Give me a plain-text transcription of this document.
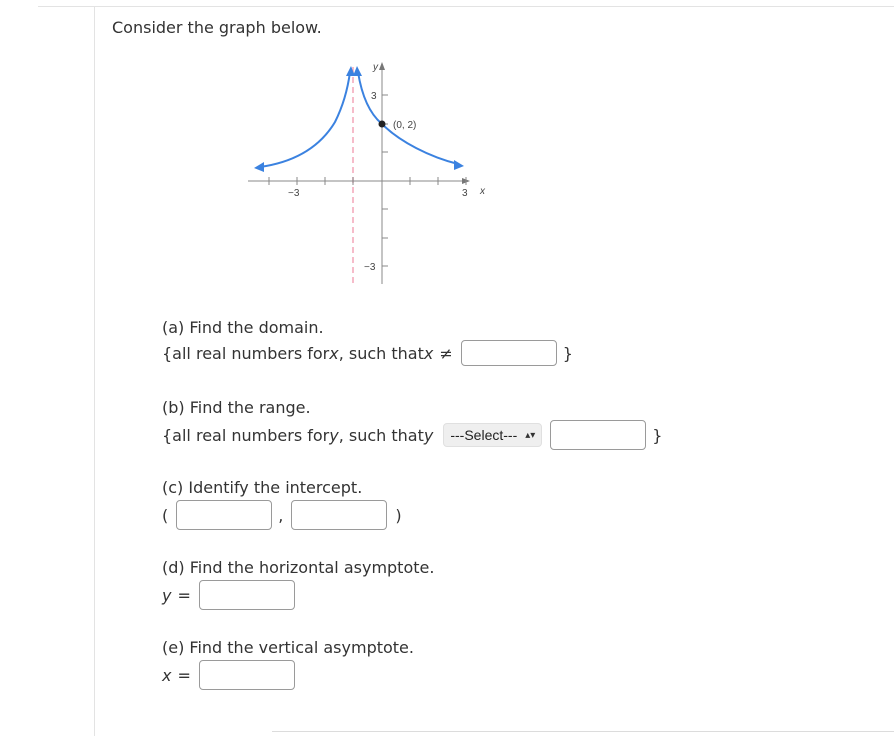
Consider the graph below.
(0, 2)
y
x
3
−3
−3	3
(a) Find the domain.
{all real numbers for x , such that x ≠	}
(b) Find the range.
{all real numbers for y , such that y ---Select--- ▴▾	}
(c) Identify the intercept.
(	,	)
(d) Find the horizontal asymptote.
y =
(e) Find the vertical asymptote.
x =
